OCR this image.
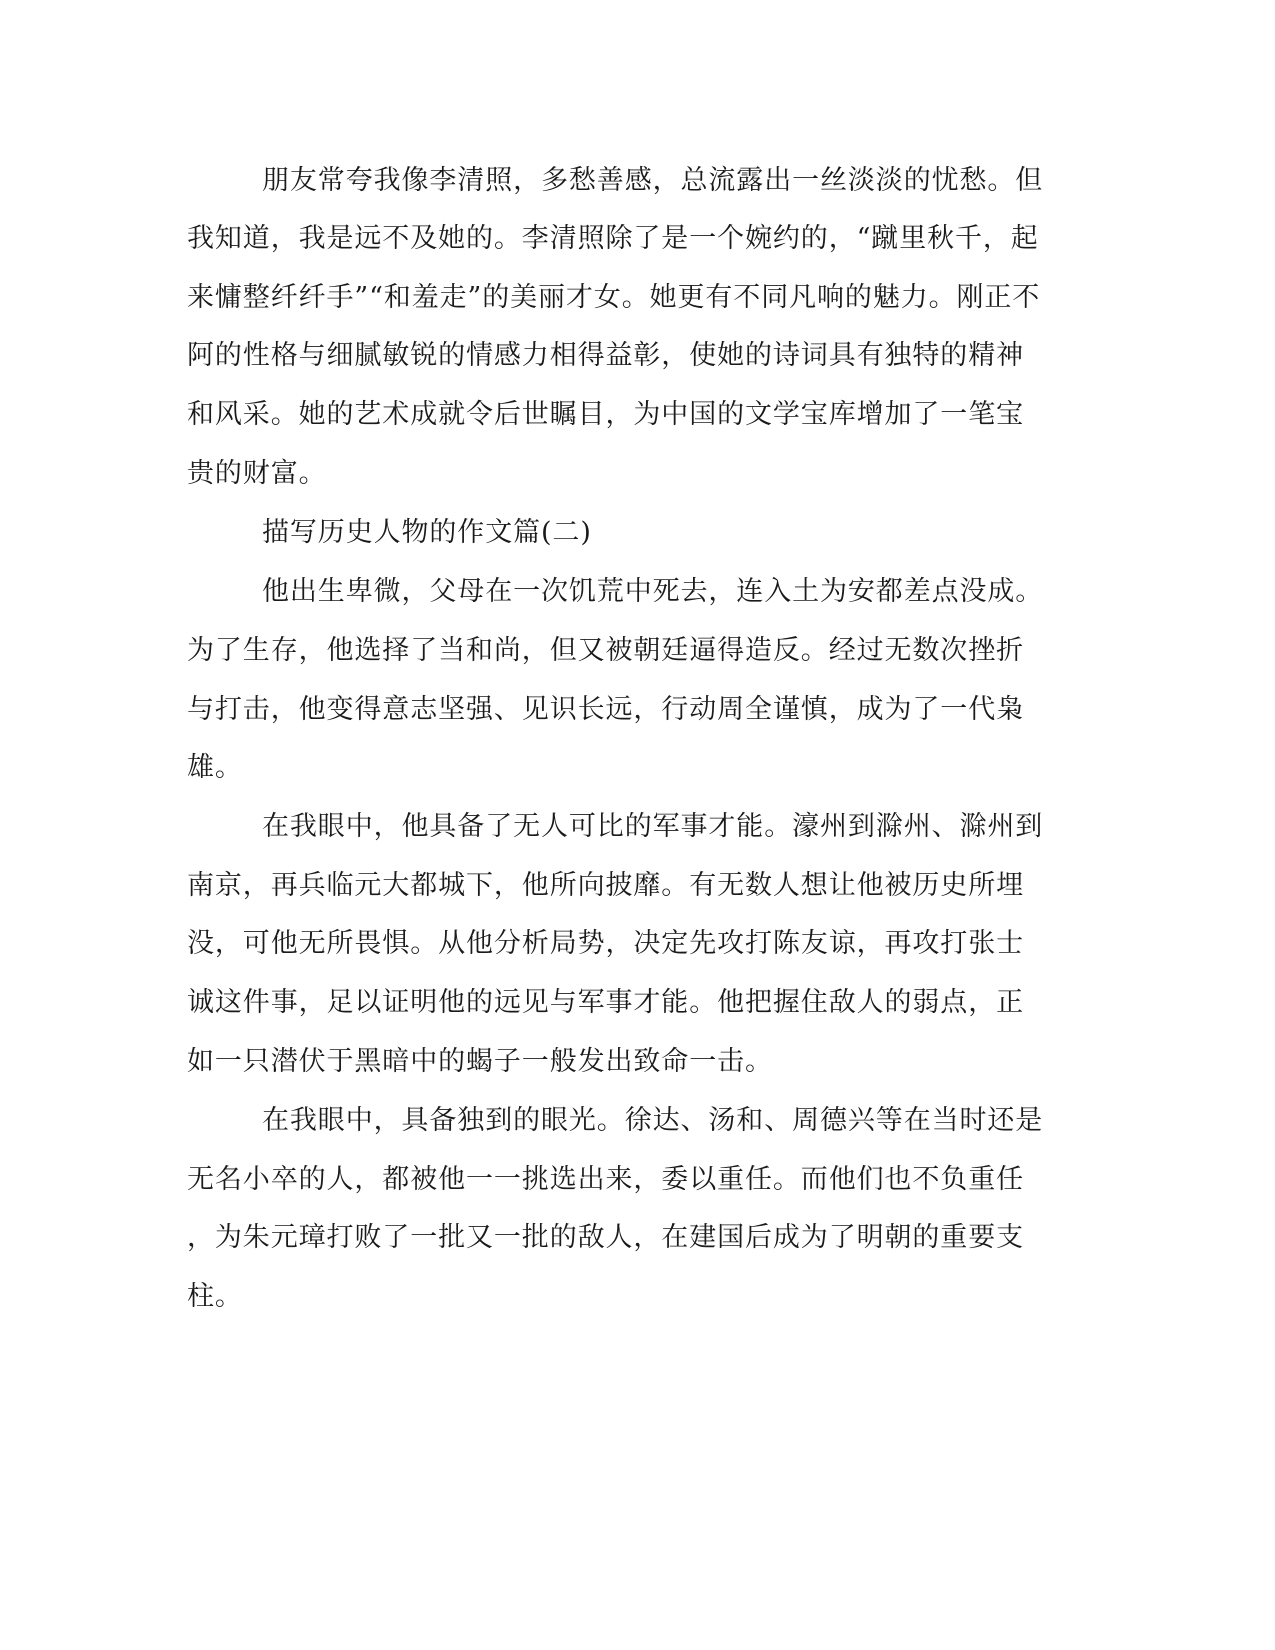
朋友常夸我像李清照，多愁善感，总流露出一丝淡淡的忧愁。但
我知道，我是远不及她的。李清照除了是一个婉约的，“蹴里秋千，起
来慵整纤纤手”“和羞走”的美丽才女。她更有不同凡响的魅力。刚正不
阿的性格与细腻敏锐的情感力相得益彰，使她的诗词具有独特的精神
和风采。她的艺术成就令后世瞩目，为中国的文学宝库增加了一笔宝
贵的财富。
描写历史人物的作文篇(二)
他出生卑微，父母在一次饥荒中死去，连入土为安都差点没成。
为了生存，他选择了当和尚，但又被朝廷逼得造反。经过无数次挫折
与打击，他变得意志坚强、见识长远，行动周全谨慎，成为了一代枭
雄。
在我眼中，他具备了无人可比的军事才能。濠州到滁州、滁州到
南京，再兵临元大都城下，他所向披靡。有无数人想让他被历史所埋
没，可他无所畏惧。从他分析局势，决定先攻打陈友谅，再攻打张士
诚这件事，足以证明他的远见与军事才能。他把握住敌人的弱点，正
如一只潜伏于黑暗中的蝎子一般发出致命一击。
在我眼中，具备独到的眼光。徐达、汤和、周德兴等在当时还是
无名小卒的人，都被他一一挑选出来，委以重任。而他们也不负重任
，为朱元璋打败了一批又一批的敌人，在建国后成为了明朝的重要支
柱。
